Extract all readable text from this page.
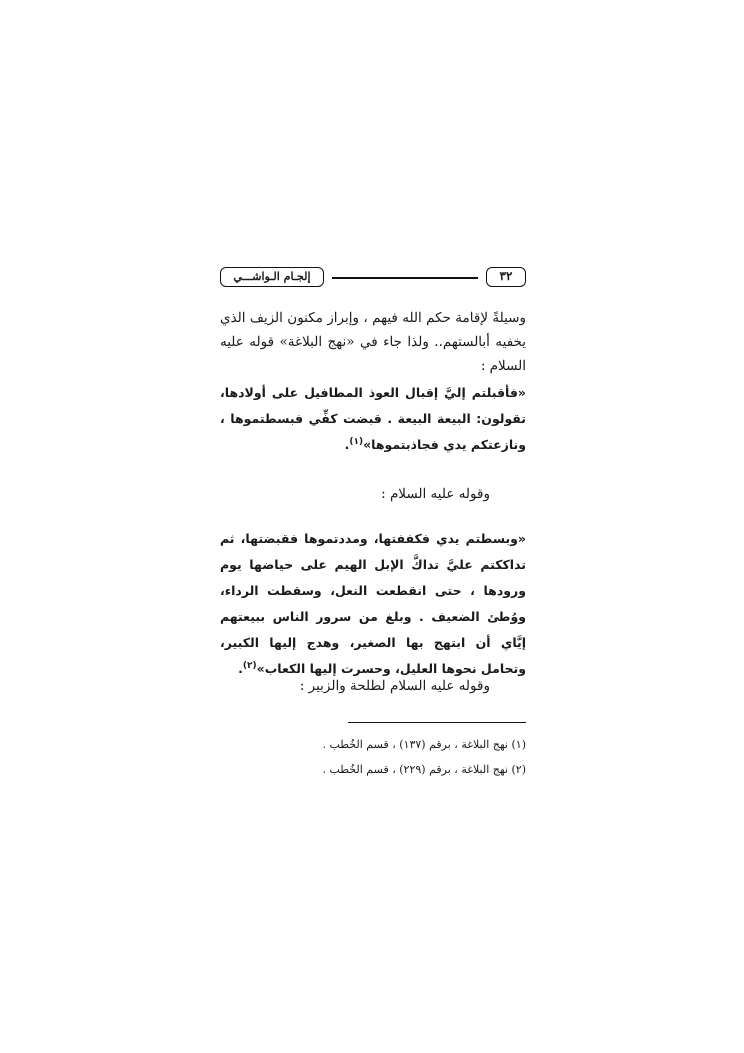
٣٢
إلجـام الـواشـــي
وسيلةً لإقامة حكم الله فيهم ، وإبراز مكنون الزيف الذي يخفيه أبالستهم.. ولذا جاء في «نهج البلاغة» قوله عليه السلام :
«فأقبلتم إليَّ إقبال العوذ المطافيل على أولادها، تقولون: البيعة البيعة . قبضت كفِّي فبسطتموها ، ونازعتكم يدي فجاذبتموها»$^{(١)}$.
وقوله عليه السلام :
«وبسطتم يدي فكففتها، ومددتموها فقبضتها، ثم تداككتم عليَّ تداكَّ الإبل الهيم على حياضها يوم ورودها ، حتى انقطعت النعل، وسقطت الرداء، ووُطئ الضعيف . وبلغ من سرور الناس ببيعتهم إيَّاي أن ابتهج بها الصغير، وهدج إليها الكبير، وتحامل نحوها العليل، وحسرت إليها الكعاب»$^{(٢)}$.
وقوله عليه السلام لطلحة والزبير :
(١) نهج البلاغة ، برقم (١٣٧) ، قسم الخُطب .
(٢) نهج البلاغة ، برقم (٢٢٩) ، قسم الخُطب .
